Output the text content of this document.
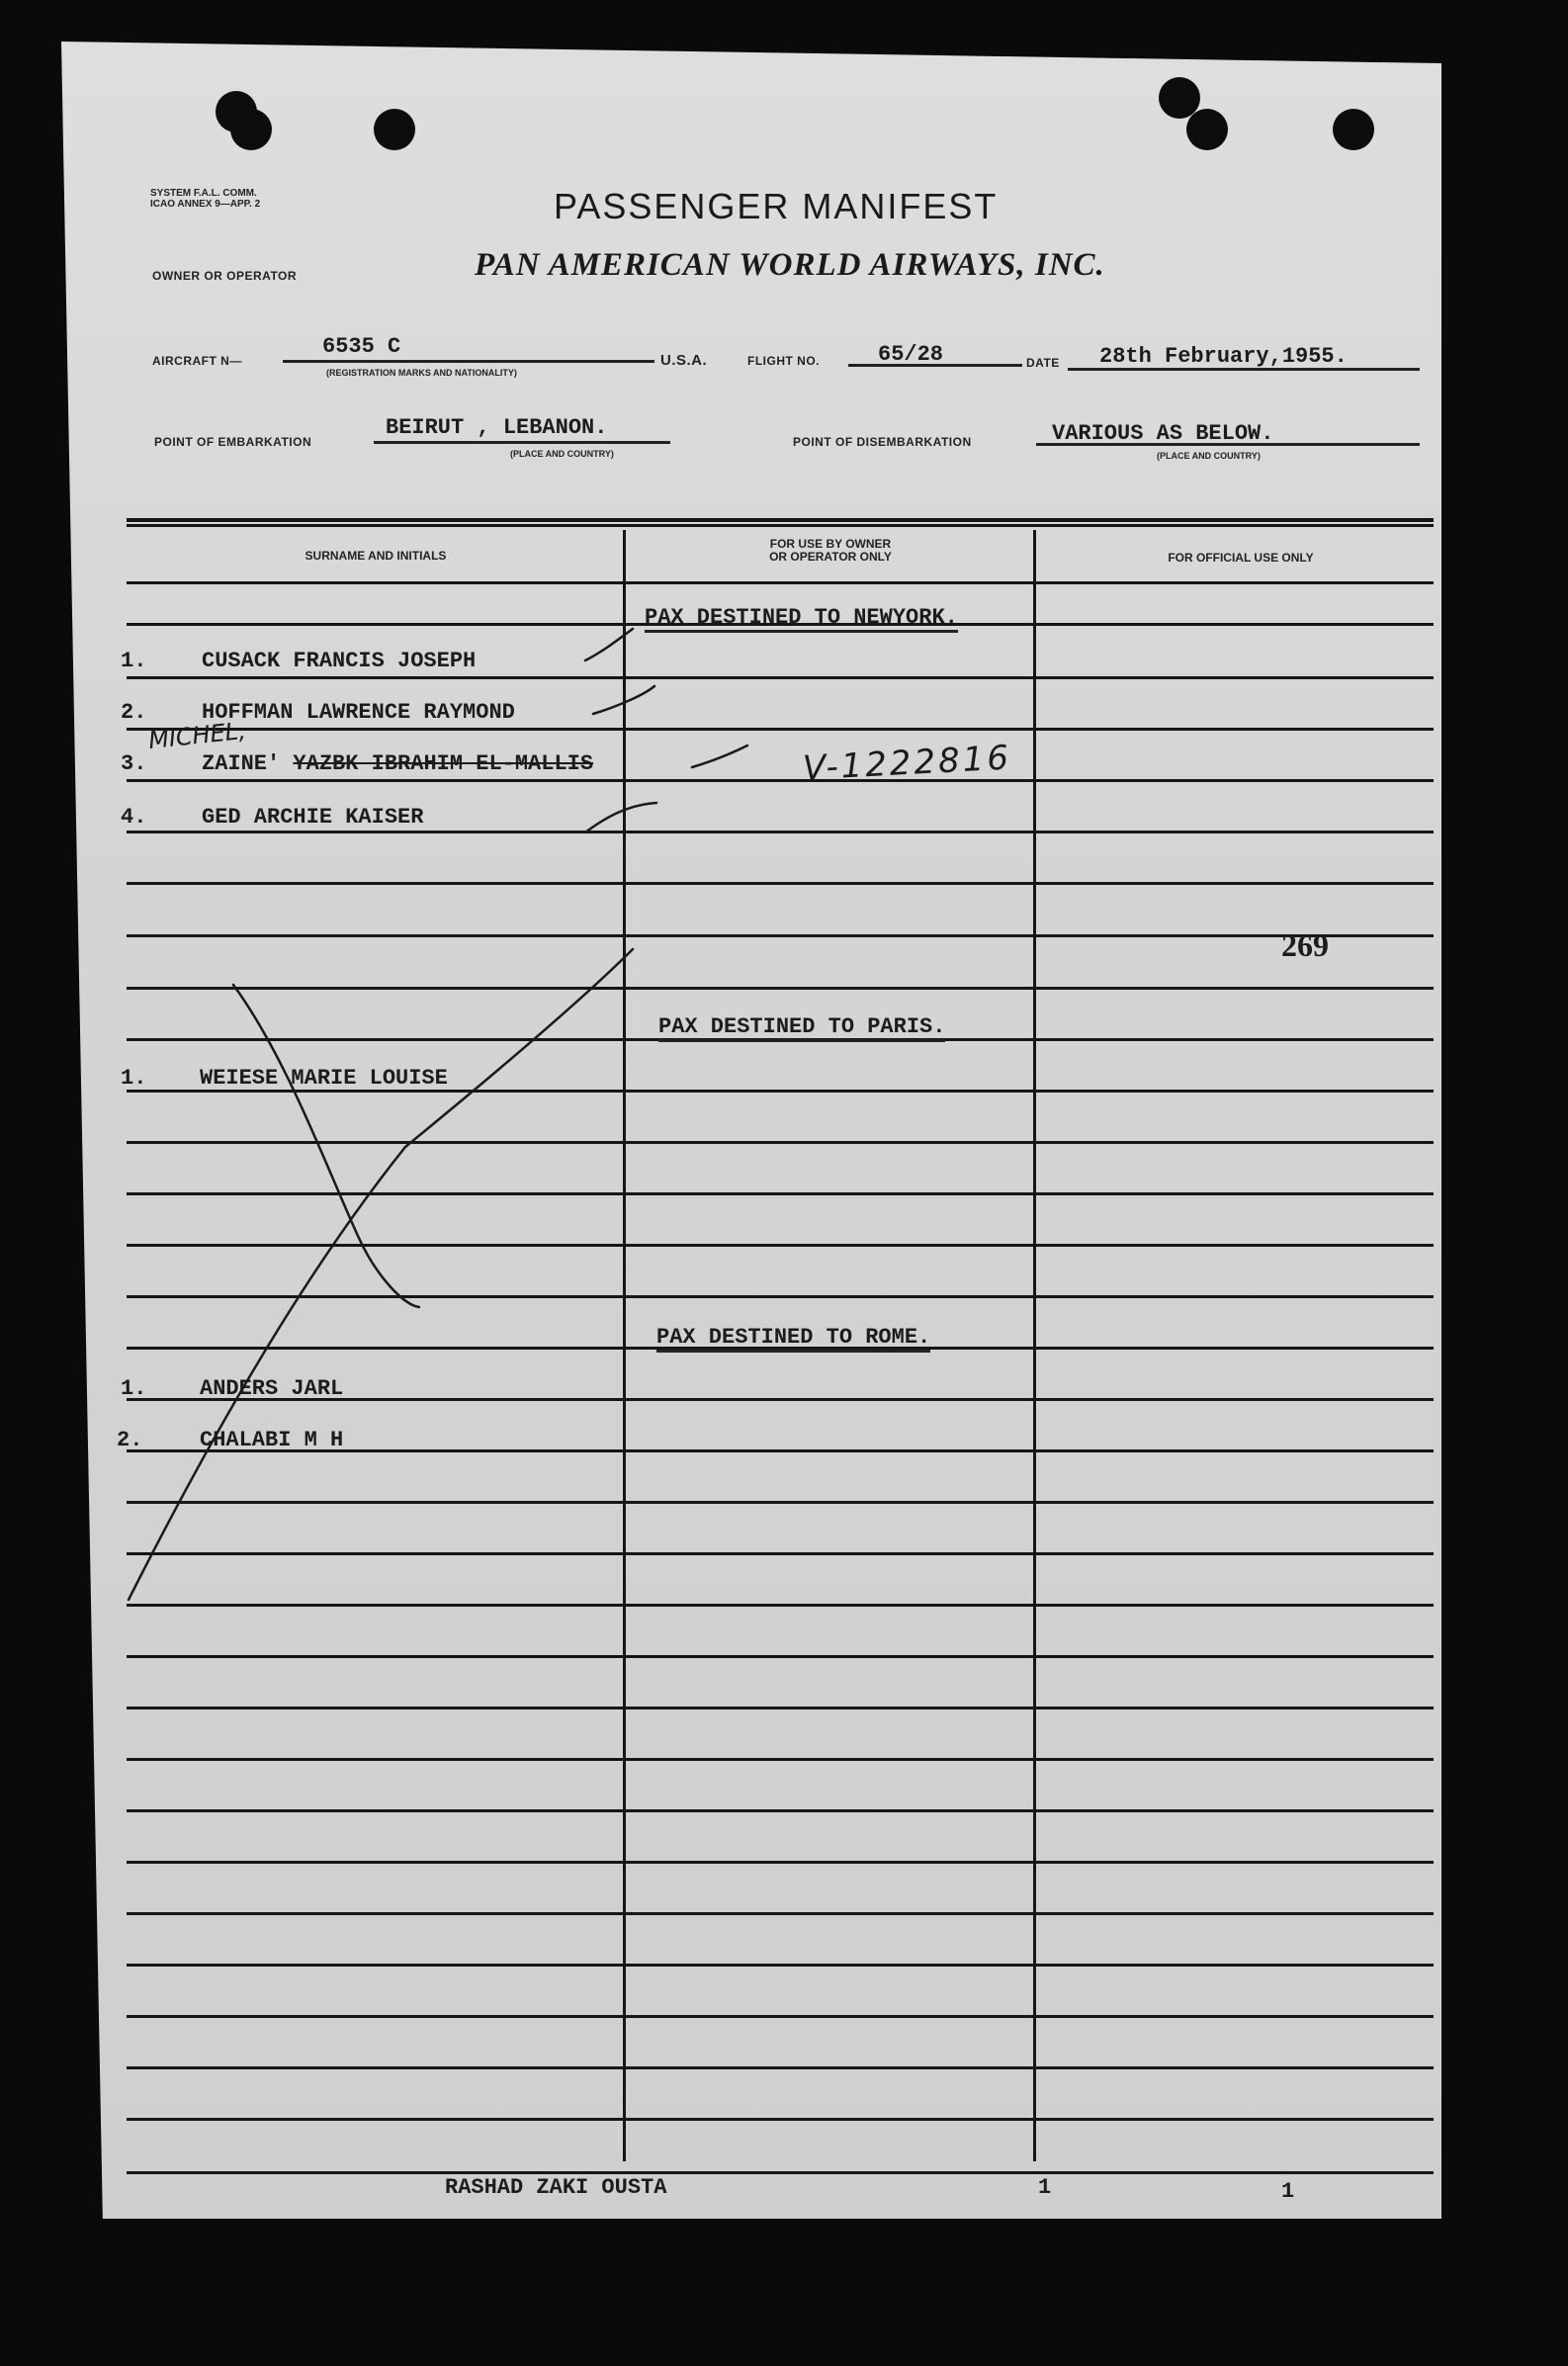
SYSTEM F.A.L. COMM.
ICAO ANNEX 9—APP. 2	PASSENGER MANIFEST
OWNER OR OPERATOR	PAN AMERICAN WORLD AIRWAYS, INC.
AIRCRAFT N—
6535 C
(REGISTRATION MARKS AND NATIONALITY)
U.S.A.	FLIGHT NO.	65/28	DATE 28th February,1955.
POINT OF EMBARKATION
BEIRUT , LEBANON.
(PLACE AND COUNTRY)
POINT OF DISEMBARKATION	VARIOUS AS BELOW.
(PLACE AND COUNTRY)
SURNAME AND INITIALS
FOR USE BY OWNER
OR OPERATOR ONLY	FOR OFFICIAL USE ONLY
PAX DESTINED TO NEWYORK.
1.	CUSACK FRANCIS JOSEPH
2.	HOFFMAN LAWRENCE RAYMOND
3.	ZAINE' YAZBK IBRAHIM EL-MALLIS
4.	GED ARCHIE KAISER
PAX DESTINED TO PARIS.
1. WEIESE MARIE LOUISE
PAX DESTINED TO ROME.
1. ANDERS JARL
2.	CHALABI M H
MICHEL,
V-1222816
269
RASHAD ZAKI OUSTA	1	1
